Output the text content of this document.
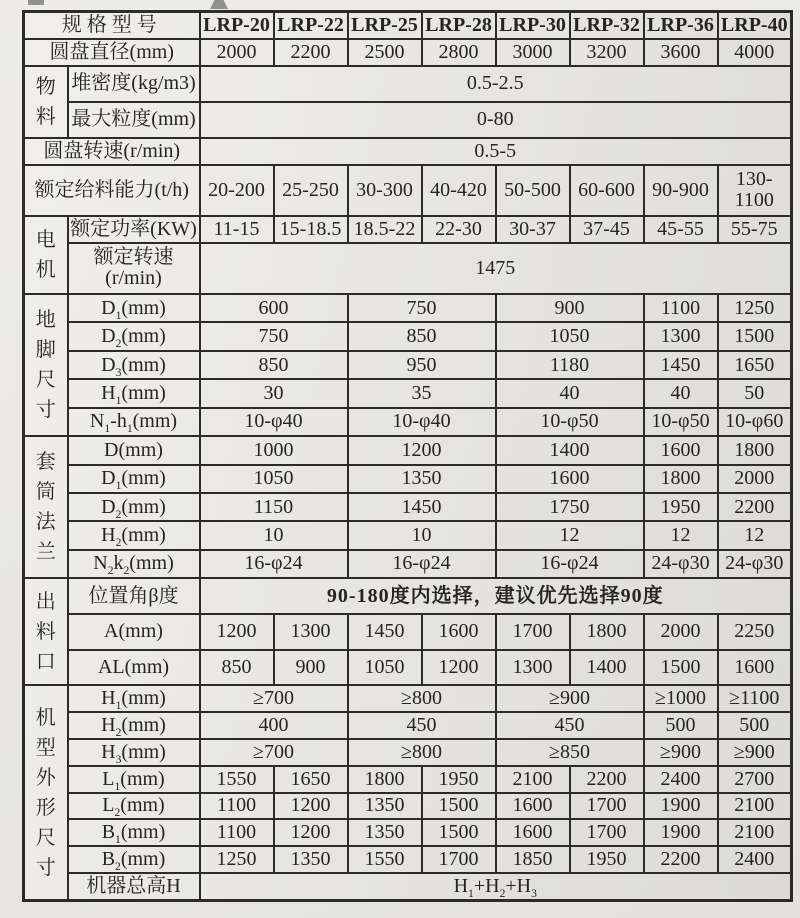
规格型号		LRP-20	LRP-22	LRP-25	LRP-28	LRP-30	LRP-32	LRP-36	LRP-40
圆盘直径(mm)		2000	2200	2500	2800	3000	3200	3600	4000
物料	堆密度(kg/m3)	0.5-2.5							
	最大粒度(mm)	0-80							
圆盘转速(r/min)		0.5-5							
额定给料能力(t/h)		20-200	25-250	30-300	40-420	50-500	60-600	90-900	130-1100
电机	额定功率(KW)	11-15	15-18.5	18.5-22	22-30	30-37	37-45	45-55	55-75
	额定转速(r/min)	1475							
地脚尺寸	$D_1(mm)$	600		750		900		1100	1250
	$D_2(mm)$	750		850		1050		1300	1500
	$D_3(mm)$	850		950		1180		1450	1650
	$H_1(mm)$	30		35		40		40	50
	$N_1-h_1(mm)$	10-φ40		10-φ40		10-φ50		10-φ50	10-φ60
套筒法兰	D(mm)	1000		1200		1400		1600	1800
	$D_1(mm)$	1050		1350		1600		1800	2000
	$D_2(mm)$	1150		1450		1750		1950	2200
	$H_2(mm)$	10		10		12		12	12
	$N_2k_2(mm)$	16-φ24		16-φ24		16-φ24		24-φ30	24-φ30
出料口	位置角β度	90-180度内选择，建议优先选择90度							
	A(mm)	1200	1300	1450	1600	1700	1800	2000	2250
	AL(mm)	850	900	1050	1200	1300	1400	1500	1600
机型外形尺寸	$H_1(mm)$	≥700		≥800		≥900		≥1000	≥1100
	$H_2(mm)$	400		450		450		500	500
	$H_3(mm)$	≥700		≥800		≥850		≥900	≥900
	$L_1(mm)$	1550	1650	1800	1950	2100	2200	2400	2700
	$L_2(mm)$	1100	1200	1350	1500	1600	1700	1900	2100
	$B_1(mm)$	1100	1200	1350	1500	1600	1700	1900	2100
	$B_2(mm)$	1250	1350	1550	1700	1850	1950	2200	2400
	机器总高H	$H_1+H_2+H_3$
